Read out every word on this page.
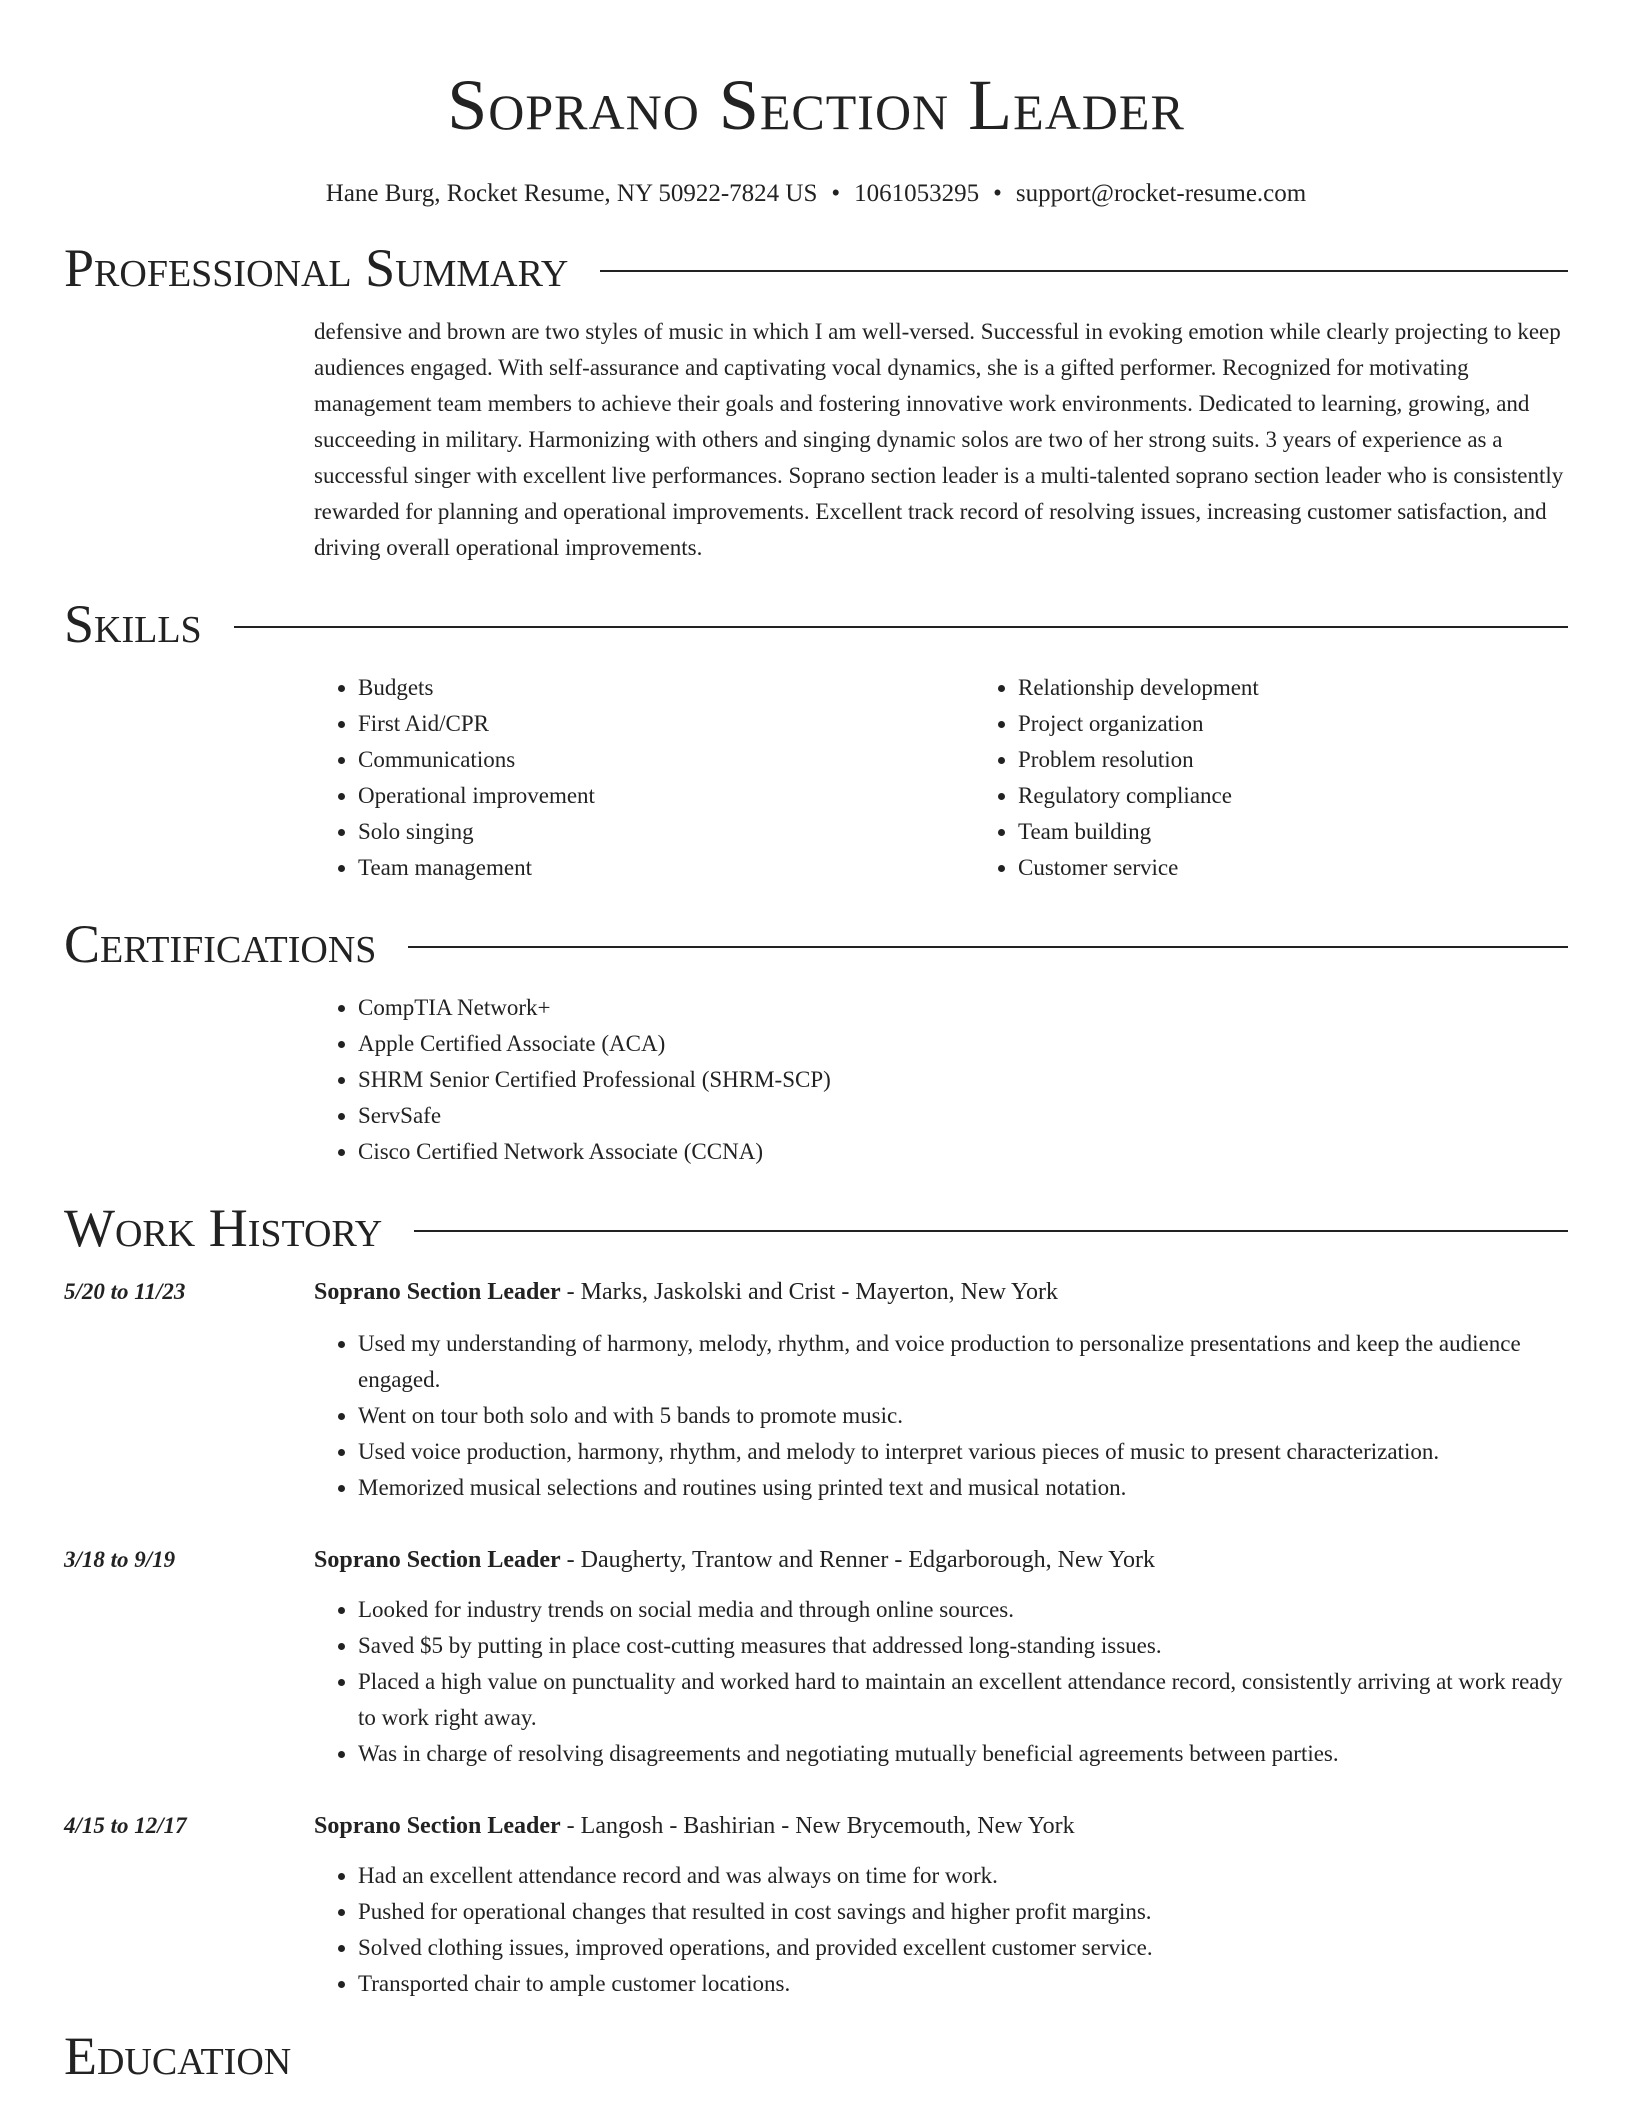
Soprano Section Leader
Hane Burg, Rocket Resume, NY 50922-7824 US • 1061053295 • support@rocket-resume.com
Professional Summary

defensive and brown are two styles of music in which I am well-versed. Successful in evoking emotion while clearly projecting to keep audiences engaged. With self-assurance and captivating vocal dynamics, she is a gifted performer. Recognized for motivating management team members to achieve their goals and fostering innovative work environments. Dedicated to learning, growing, and succeeding in military. Harmonizing with others and singing dynamic solos are two of her strong suits. 3 years of experience as a successful singer with excellent live performances. Soprano section leader is a multi-talented soprano section leader who is consistently rewarded for planning and operational improvements. Excellent track record of resolving issues, increasing customer satisfaction, and driving overall operational improvements.

Skills
• Budgets
• First Aid/CPR
• Communications
• Operational improvement
• Solo singing
• Team management
• Relationship development
• Project organization
• Problem resolution
• Regulatory compliance
• Team building
• Customer service
Certifications
• CompTIA Network+
• Apple Certified Associate (ACA)
• SHRM Senior Certified Professional (SHRM-SCP)
• ServSafe
• Cisco Certified Network Associate (CCNA)
Work History
5/20 to 11/23	Soprano Section Leader - Marks, Jaskolski and Crist - Mayerton, New York
• Used my understanding of harmony, melody, rhythm, and voice production to personalize presentations and keep the audience engaged.
• Went on tour both solo and with 5 bands to promote music.
• Used voice production, harmony, rhythm, and melody to interpret various pieces of music to present characterization.
• Memorized musical selections and routines using printed text and musical notation.
3/18 to 9/19	Soprano Section Leader - Daugherty, Trantow and Renner - Edgarborough, New York
• Looked for industry trends on social media and through online sources.
• Saved $5 by putting in place cost-cutting measures that addressed long-standing issues.
• Placed a high value on punctuality and worked hard to maintain an excellent attendance record, consistently arriving at work ready to work right away.
• Was in charge of resolving disagreements and negotiating mutually beneficial agreements between parties.
4/15 to 12/17	Soprano Section Leader - Langosh - Bashirian - New Brycemouth, New York
• Had an excellent attendance record and was always on time for work.
• Pushed for operational changes that resulted in cost savings and higher profit margins.
• Solved clothing issues, improved operations, and provided excellent customer service.
• Transported chair to ample customer locations.
Education
